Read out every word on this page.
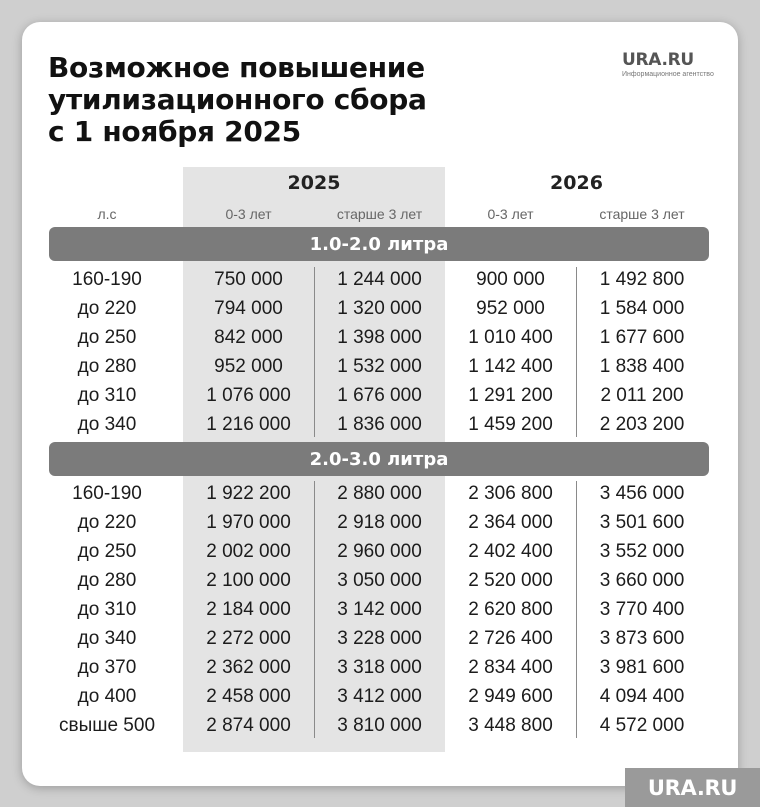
Возможное повышение
утилизационного сбора
с 1 ноября 2025
URA.RU
Информационное агентство
2025	2026
л.с	0-3 лет	старше 3 лет	0-3 лет	старше 3 лет
1.0-2.0 литра
160-190	750 000	1 244 000	900 000	1 492 800
до 220	794 000	1 320 000	952 000	1 584 000
до 250	842 000	1 398 000	1 010 400	1 677 600
до 280	952 000	1 532 000	1 142 400	1 838 400
до 310	1 076 000	1 676 000	1 291 200	2 011 200
до 340	1 216 000	1 836 000	1 459 200	2 203 200
2.0-3.0 литра
160-190	1 922 200	2 880 000	2 306 800	3 456 000
до 220	1 970 000	2 918 000	2 364 000	3 501 600
до 250	2 002 000	2 960 000	2 402 400	3 552 000
до 280	2 100 000	3 050 000	2 520 000	3 660 000
до 310	2 184 000	3 142 000	2 620 800	3 770 400
до 340	2 272 000	3 228 000	2 726 400	3 873 600
до 370	2 362 000	3 318 000	2 834 400	3 981 600
до 400	2 458 000	3 412 000	2 949 600	4 094 400
свыше 500	2 874 000	3 810 000	3 448 800	4 572 000
URA.RU
